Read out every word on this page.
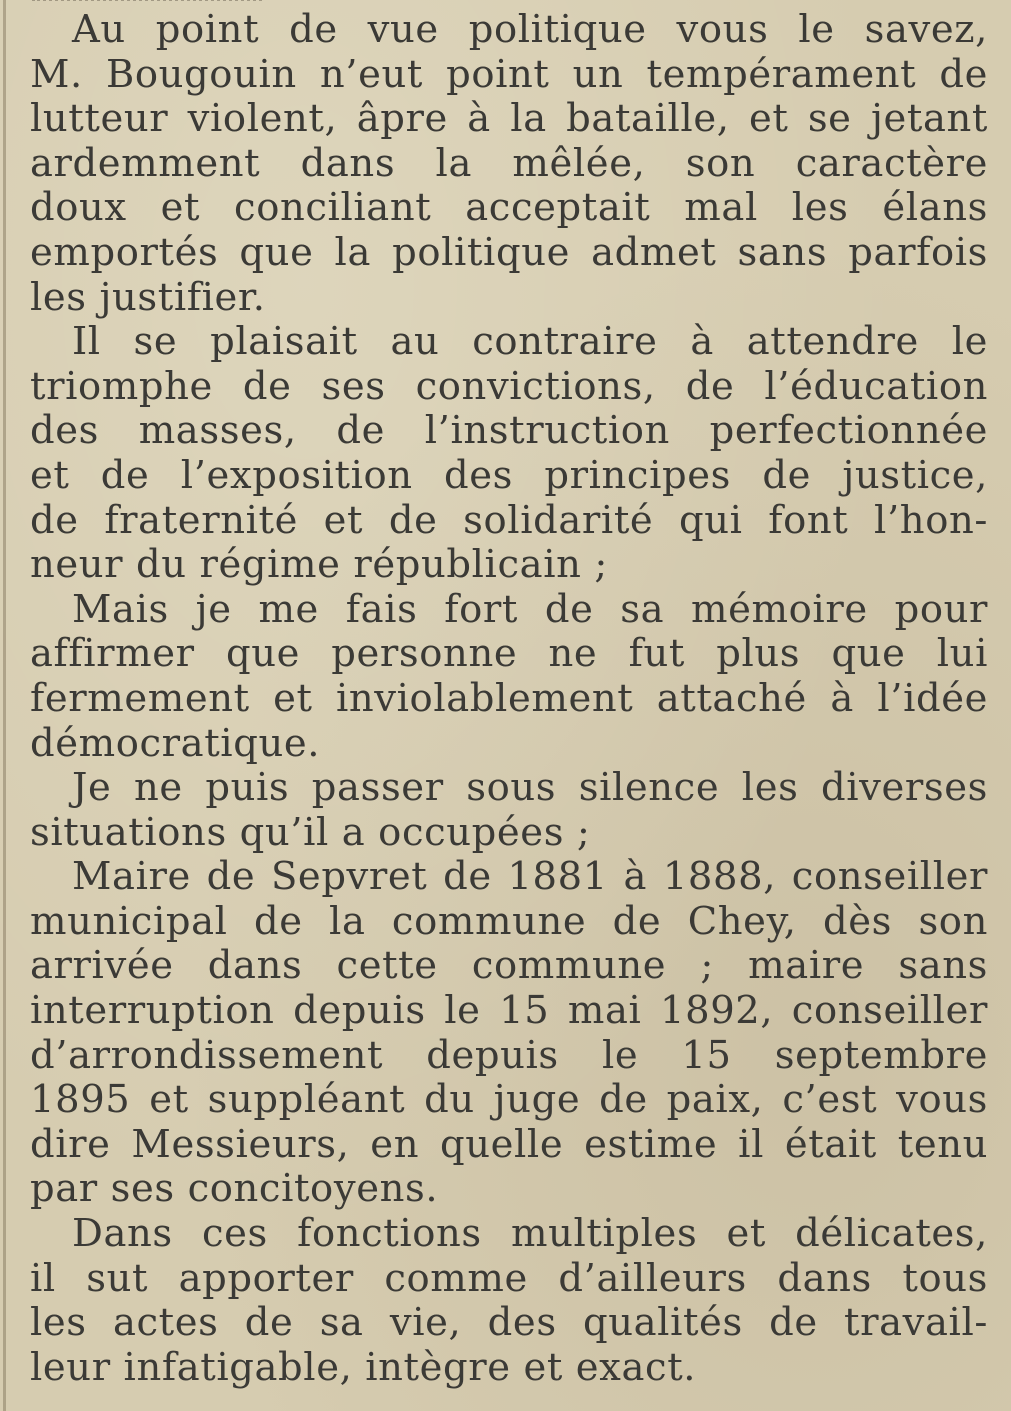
Au point de vue politique vous le savez,
M. Bougouin n’eut point un tempérament de
lutteur violent, âpre à la bataille, et se jetant
ardemment dans la mêlée, son caractère
doux et conciliant acceptait mal les élans
emportés que la politique admet sans parfois
les justifier.
Il se plaisait au contraire à attendre le
triomphe de ses convictions, de l’éducation
des masses, de l’instruction perfectionnée
et de l’exposition des principes de justice,
de fraternité et de solidarité qui font l’hon-
neur du régime républicain ;
Mais je me fais fort de sa mémoire pour
affirmer que personne ne fut plus que lui
fermement et inviolablement attaché à l’idée
démocratique.
Je ne puis passer sous silence les diverses
situations qu’il a occupées ;
Maire de Sepvret de 1881 à 1888, conseiller
municipal de la commune de Chey, dès son
arrivée dans cette commune ; maire sans
interruption depuis le 15 mai 1892, conseiller
d’arrondissement depuis le 15 septembre
1895 et suppléant du juge de paix, c’est vous
dire Messieurs, en quelle estime il était tenu
par ses concitoyens.
Dans ces fonctions multiples et délicates,
il sut apporter comme d’ailleurs dans tous
les actes de sa vie, des qualités de travail-
leur infatigable, intègre et exact.
